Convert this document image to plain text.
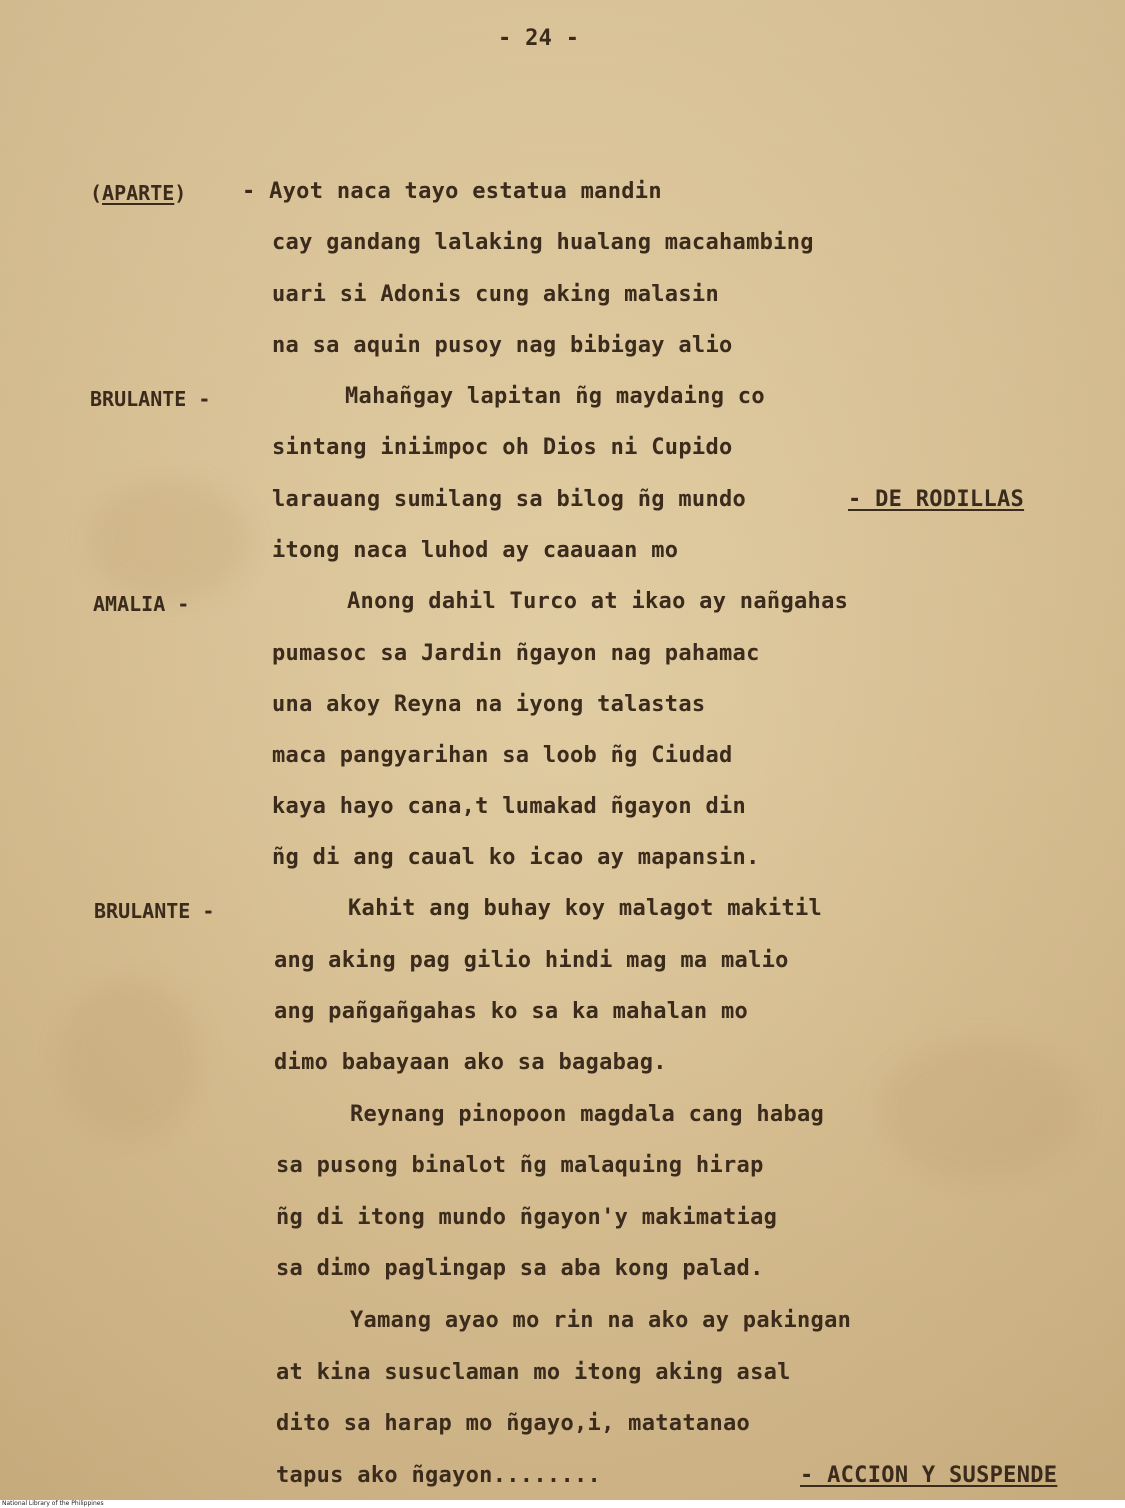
- 24 -
(APARTE)	- Ayot naca tayo estatua mandin
cay gandang lalaking hualang macahambing
uari si Adonis cung aking malasin
na sa aquin pusoy nag bibigay alio
BRULANTE -	Mahañgay lapitan ñg maydaing co
sintang iniimpoc oh Dios ni Cupido
larauang sumilang sa bilog ñg mundo	- DE RODILLAS
itong naca luhod ay caauaan mo
AMALIA -	Anong dahil Turco at ikao ay nañgahas
pumasoc sa Jardin ñgayon nag pahamac
una akoy Reyna na iyong talastas
maca pangyarihan sa loob ñg Ciudad
kaya hayo cana,t lumakad ñgayon din
ñg di ang caual ko icao ay mapansin.
BRULANTE -	Kahit ang buhay koy malagot makitil
ang aking pag gilio hindi mag ma malio
ang pañgañgahas ko sa ka mahalan mo
dimo babayaan ako sa bagabag.
Reynang pinopoon magdala cang habag
sa pusong binalot ñg malaquing hirap
ñg di itong mundo ñgayon'y makimatiag
sa dimo paglingap sa aba kong palad.
Yamang ayao mo rin na ako ay pakingan
at kina susuclaman mo itong aking asal
dito sa harap mo ñgayo,i, matatanao
tapus ako ñgayon........	- ACCION Y SUSPENDE
National Library of the Philippines
